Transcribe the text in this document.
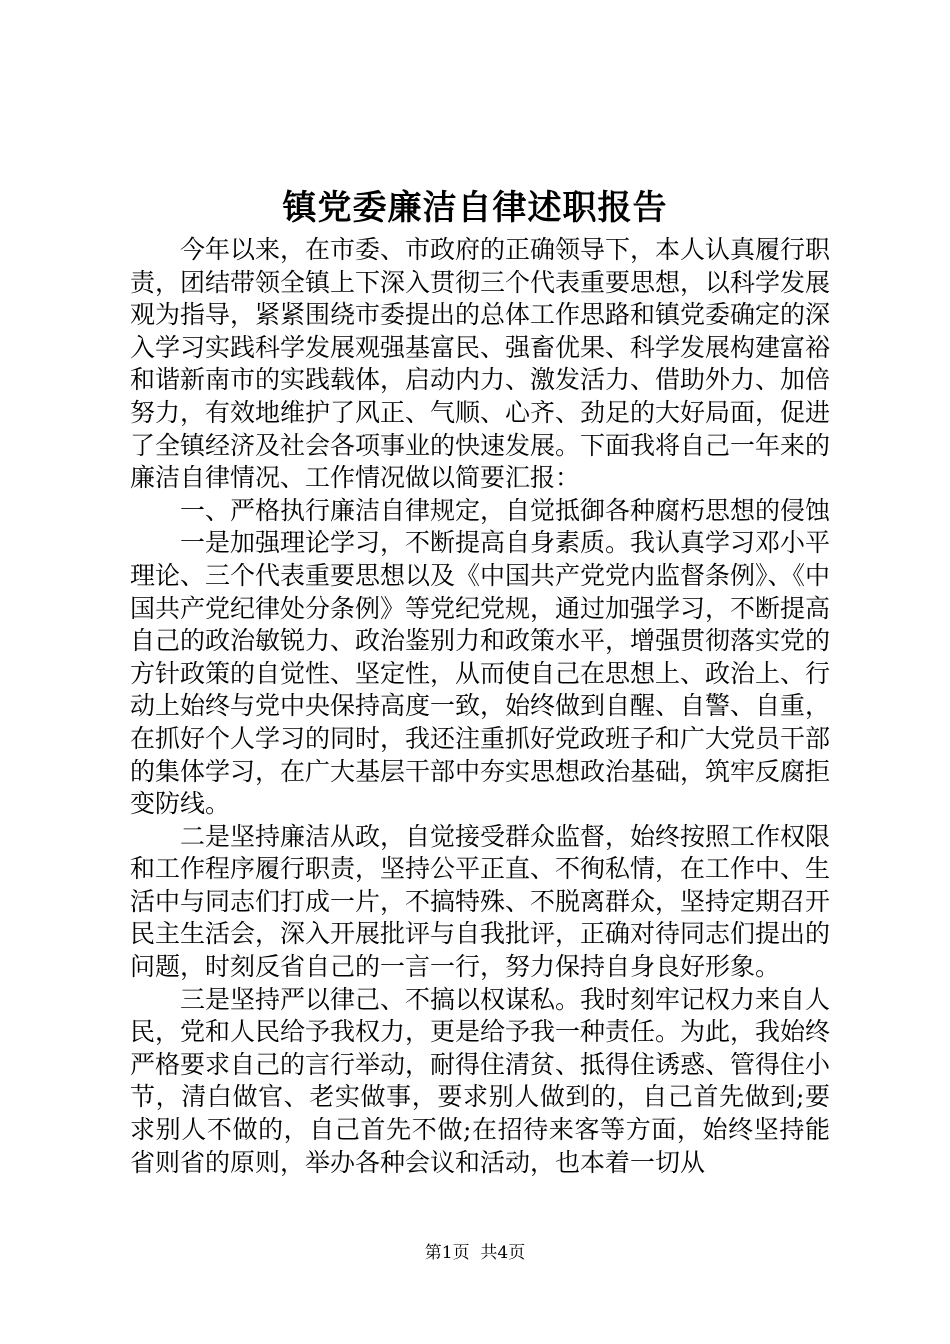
镇党委廉洁自律述职报告

今年以来，在市委、市政府的正确领导下，本人认真履行职责，团结带领全镇上下深入贯彻三个代表重要思想，以科学发展观为指导，紧紧围绕市委提出的总体工作思路和镇党委确定的深入学习实践科学发展观强基富民、强畜优果、科学发展构建富裕和谐新南市的实践载体，启动内力、激发活力、借助外力、加倍努力，有效地维护了风正、气顺、心齐、劲足的大好局面，促进了全镇经济及社会各项事业的快速发展。下面我将自己一年来的廉洁自律情况、工作情况做以简要汇报：

一、严格执行廉洁自律规定，自觉抵御各种腐朽思想的侵蚀

一是加强理论学习，不断提高自身素质。我认真学习邓小平理论、三个代表重要思想以及《中国共产党党内监督条例》、《中国共产党纪律处分条例》等党纪党规，通过加强学习，不断提高自己的政治敏锐力、政治鉴别力和政策水平，增强贯彻落实党的方针政策的自觉性、坚定性，从而使自己在思想上、政治上、行动上始终与党中央保持高度一致，始终做到自醒、自警、自重，在抓好个人学习的同时，我还注重抓好党政班子和广大党员干部的集体学习，在广大基层干部中夯实思想政治基础，筑牢反腐拒变防线。

二是坚持廉洁从政，自觉接受群众监督，始终按照工作权限和工作程序履行职责，坚持公平正直、不徇私情，在工作中、生活中与同志们打成一片，不搞特殊、不脱离群众，坚持定期召开民主生活会，深入开展批评与自我批评，正确对待同志们提出的问题，时刻反省自己的一言一行，努力保持自身良好形象。

三是坚持严以律己、不搞以权谋私。我时刻牢记权力来自人民，党和人民给予我权力，更是给予我一种责任。为此，我始终严格要求自己的言行举动，耐得住清贫、抵得住诱惑、管得住小节，清白做官、老实做事，要求别人做到的，自己首先做到;要求别人不做的，自己首先不做;在招待来客等方面，始终坚持能省则省的原则，举办各种会议和活动，也本着一切从

第1页 共4页
